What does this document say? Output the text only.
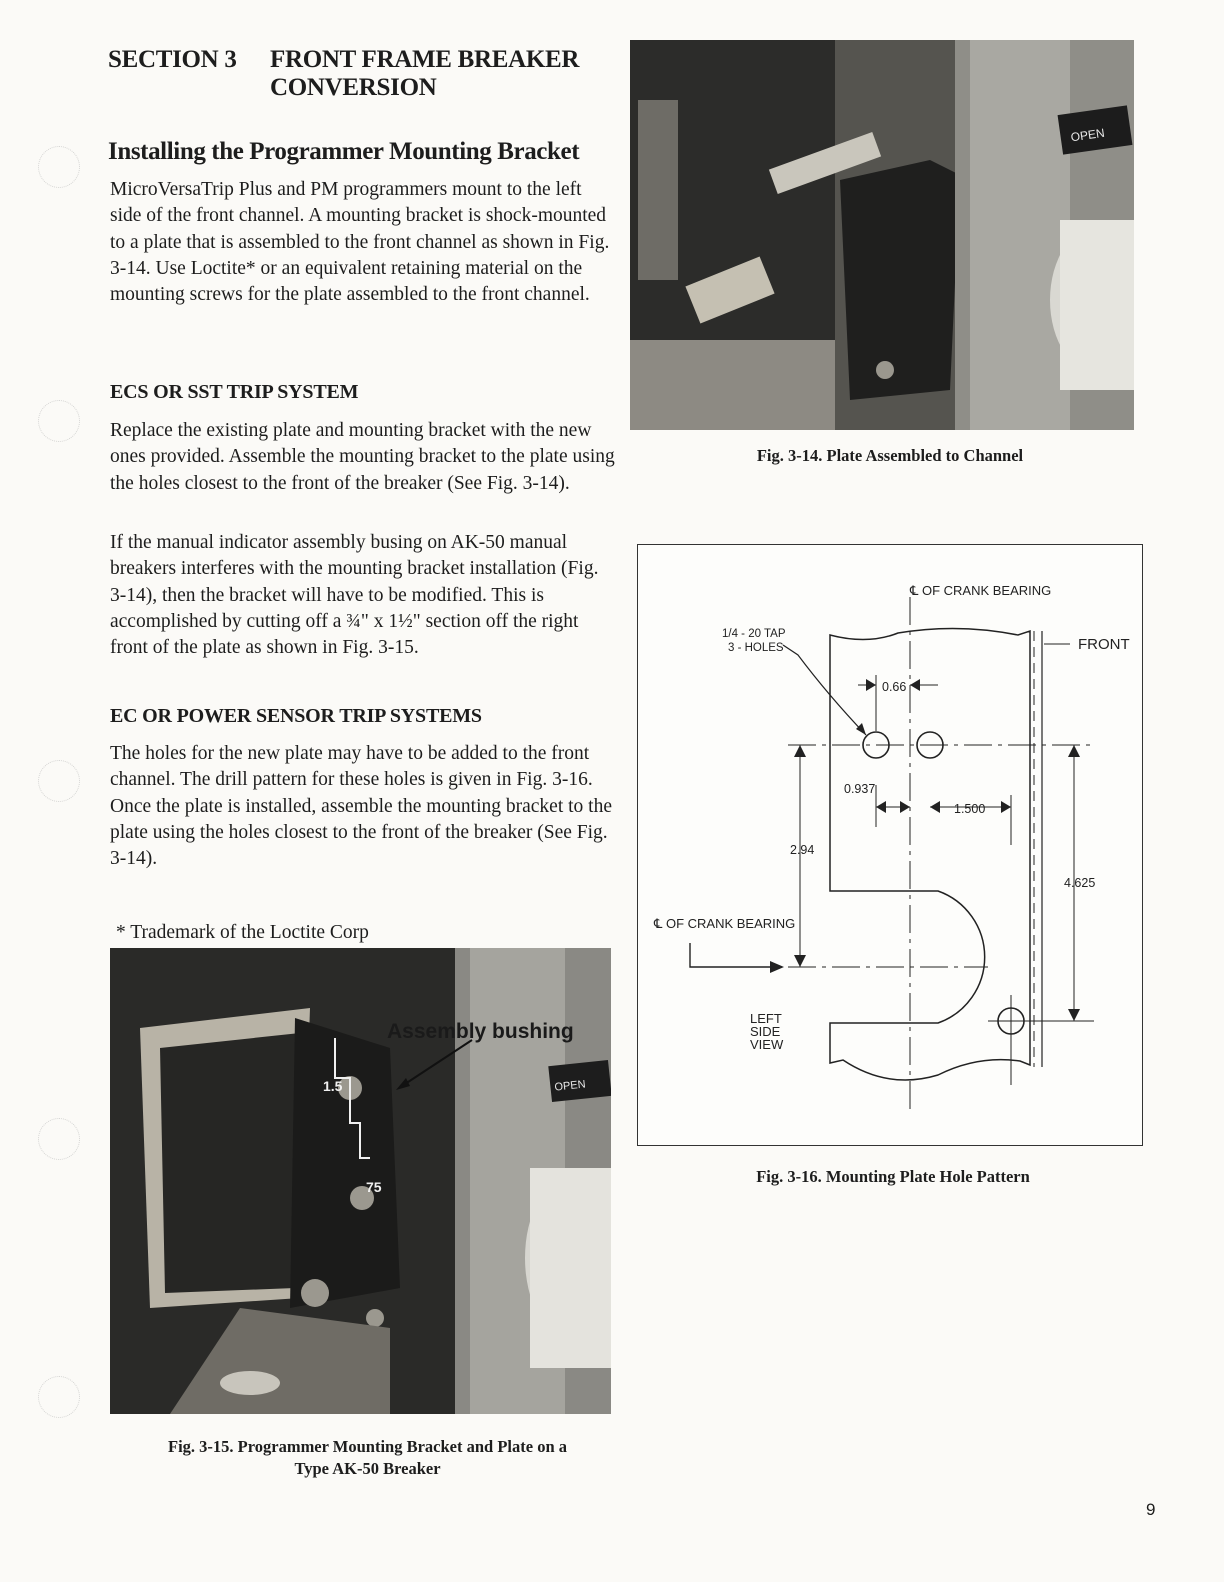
SECTION 3 FRONT FRAME BREAKER
CONVERSION
Installing the Programmer Mounting Bracket

MicroVersaTrip Plus and PM programmers mount to the left side of the front channel. A mounting bracket is shock-mounted to a plate that is assembled to the front channel as shown in Fig. 3-14. Use Loctite* or an equivalent retaining material on the mounting screws for the plate assembled to the front channel.

ECS OR SST TRIP SYSTEM

Replace the existing plate and mounting bracket with the new ones provided. Assemble the mounting bracket to the plate using the holes closest to the front of the breaker (See Fig. 3-14).

If the manual indicator assembly busing on AK-50 manual breakers interferes with the mounting bracket installation (Fig. 3-14), then the bracket will have to be modified. This is accomplished by cutting off a ¾" x 1½" section off the right front of the plate as shown in Fig. 3-15.

EC OR POWER SENSOR TRIP SYSTEMS

The holes for the new plate may have to be added to the front channel. The drill pattern for these holes is given in Fig. 3-16. Once the plate is installed, assemble the mounting bracket to the plate using the holes closest to the front of the breaker (See Fig. 3-14).

* Trademark of the Loctite Corp
OPEN
Fig. 3-14. Plate Assembled to Channel
℄ OF CRANK BEARING
1/4 - 20 TAP
3 - HOLES	FRONT
0.66
0.937
1.500
2.94
4.625
℄ OF CRANK BEARING
LEFT
SIDE
VIEW
Fig. 3-16. Mounting Plate Hole Pattern
OPEN
1.5
75
Assembly bushing
Fig. 3-15. Programmer Mounting Bracket and Plate on a
Type AK-50 Breaker
9
